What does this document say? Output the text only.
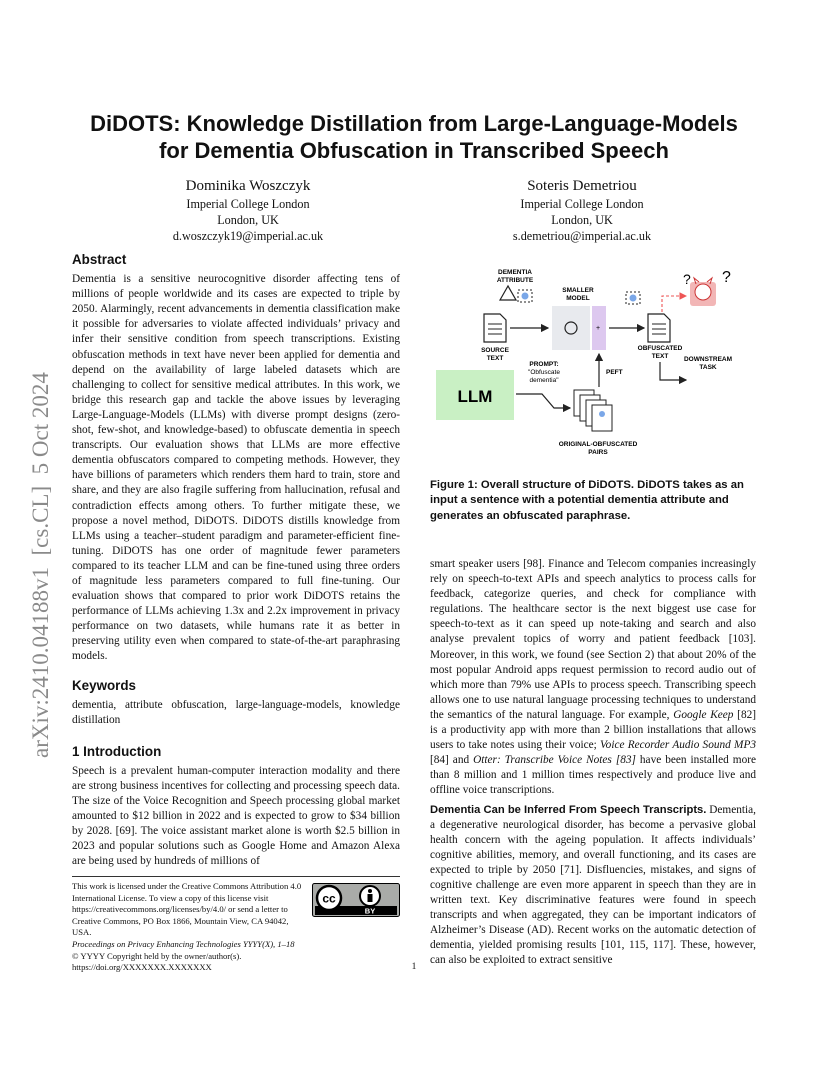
arXiv:2410.04188v1  [cs.CL]  5 Oct 2024
DiDOTS: Knowledge Distillation from Large-Language-Models
for Dementia Obfuscation in Transcribed Speech
Dominika Woszczyk
Imperial College London
London, UK
d.woszczyk19@imperial.ac.uk
Soteris Demetriou
Imperial College London
London, UK
s.demetriou@imperial.ac.uk
Abstract

Dementia is a sensitive neurocognitive disorder affecting tens of millions of people worldwide and its cases are expected to triple by 2050. Alarmingly, recent advancements in dementia classification make it possible for adversaries to violate affected individuals’ privacy and infer their sensitive condition from speech transcriptions. Existing obfuscation methods in text have never been applied for dementia and depend on the availability of large labeled datasets which are challenging to collect for sensitive medical attributes. In this work, we bridge this research gap and tackle the above issues by leveraging Large-Language-Models (LLMs) with diverse prompt designs (zero-shot, few-shot, and knowledge-based) to obfuscate dementia in speech transcripts. Our evaluation shows that LLMs are more effective dementia obfuscators compared to competing methods. However, they have billions of parameters which renders them hard to train, store and share, and they are also fragile suffering from hallucination, refusal and contradiction effects among others. To further mitigate these, we propose a novel method, DiDOTS. DiDOTS distills knowledge from LLMs using a teacher–student paradigm and parameter-efficient fine-tuning. DiDOTS has one order of magnitude fewer parameters compared to its teacher LLM and can be fine-tuned using three orders of magnitude less parameters compared to full fine-tuning. Our evaluation shows that compared to prior work DiDOTS retains the performance of LLMs achieving 1.3x and 2.2x improvement in privacy performance on two datasets, while humans rate it as better in preserving utility even when compared to state-of-the-art paraphrasing models.

Keywords

dementia, attribute obfuscation, large-language-models, knowledge distillation

1 Introduction

Speech is a prevalent human-computer interaction modality and there are strong business incentives for collecting and processing speech data. The size of the Voice Recognition and Speech processing global market amounted to $12 billion in 2022 and is expected to grow to $34 billion by 2028. [69]. The voice assistant market alone is worth $2.5 billion in 2023 and popular solutions such as Google Home and Amazon Alexa are being used by hundreds of millions of

This work is licensed under the Creative Commons Attribution 4.0 International License. To view a copy of this license visit https://creativecommons.org/licenses/by/4.0/ or send a letter to Creative Commons, PO Box 1866, Mountain View, CA 94042, USA.
Proceedings on Privacy Enhancing Technologies YYYY(X), 1–18
© YYYY Copyright held by the owner/author(s).
https://doi.org/XXXXXXX.XXXXXXX
cc
BY
DEMENTIA
ATTRIBUTE
SOURCE
TEXT
SMALLER
MODEL
+
OBFUSCATED
TEXT
? ?
DOWNSTREAM
TASK
LLM
PROMPT:
"Obfuscate
dementia"
ORIGINAL-OBFUSCATED
PAIRS
PEFT
Figure 1: Overall structure of DiDOTS. DiDOTS takes as an input a sentence with a potential dementia attribute and generates an obfuscated paraphrase.

smart speaker users [98]. Finance and Telecom companies increasingly rely on speech-to-text APIs and speech analytics to process calls for feedback, categorize queries, and check for compliance with regulations. The healthcare sector is the next biggest use case for speech-to-text as it can speed up note-taking and search and also analyse prevalent topics of worry and patient feedback [103]. Moreover, in this work, we found (see Section 2) that about 20% of the most popular Android apps request permission to record audio out of which more than 79% use APIs to process speech. Transcribing speech allows one to use natural language processing techniques to understand the semantics of the natural language. For example, Google Keep [82] is a productivity app with more than 2 billion installations that allows users to take notes using their voice; Voice Recorder Audio Sound MP3 [84] and Otter: Transcribe Voice Notes [83] have been installed more than 8 million and 1 million times respectively and produce live and offline voice transcriptions.

Dementia Can be Inferred From Speech Transcripts. Dementia, a degenerative neurological disorder, has become a pervasive global health concern with the ageing population. It affects individuals’ cognitive abilities, memory, and overall functioning, and its cases are expected to triple by 2050 [71]. Disfluencies, mistakes, and signs of cognitive challenge are even more apparent in speech than they are in written text. Key discriminative features were found in speech transcripts and when aggregated, they can be important indicators of Alzheimer’s Disease (AD). Recent works on the automatic detection of dementia, yielded promising results [101, 115, 117]. These, however, can also be exploited to extract sensitive

1
